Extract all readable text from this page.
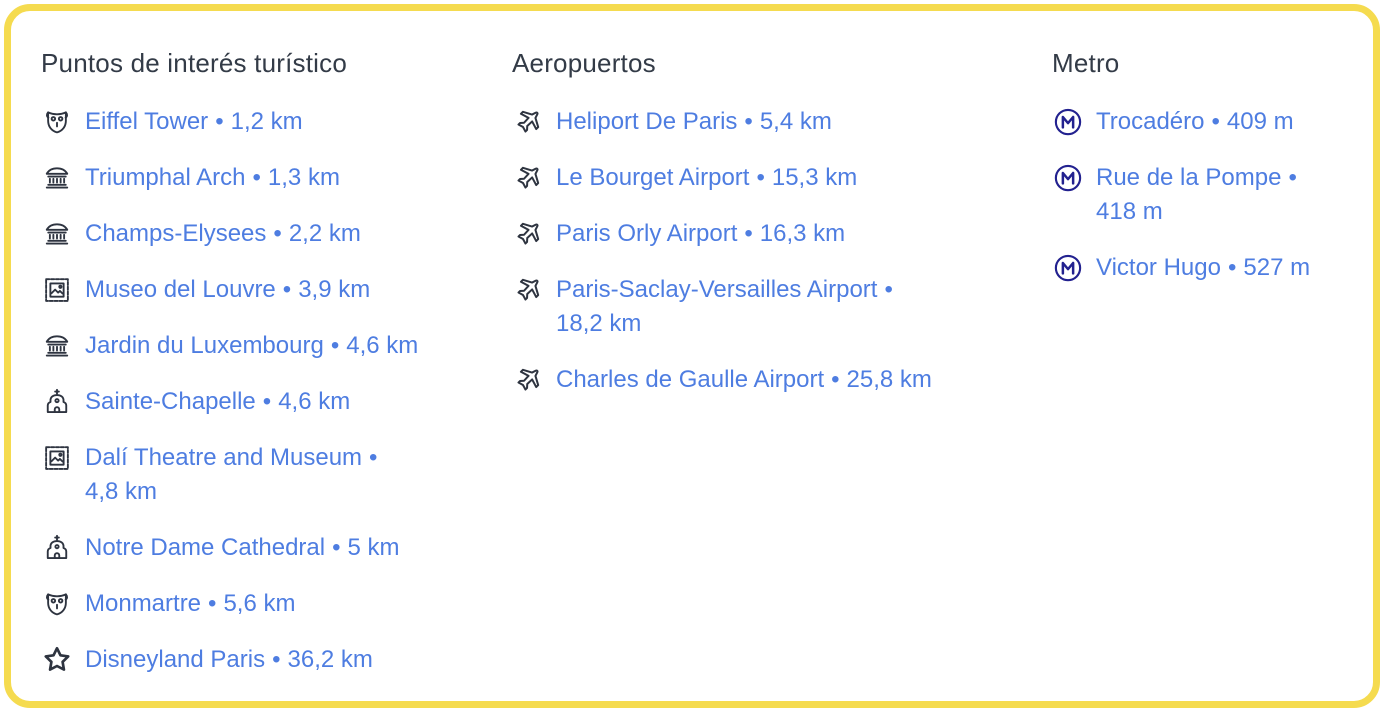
Puntos de interés turístico
Eiffel Tower • 1,2 km
Triumphal Arch • 1,3 km
Champs-Elysees • 2,2 km
Museo del Louvre • 3,9 km
Jardin du Luxembourg • 4,6 km
Sainte-Chapelle • 4,6 km
Dalí Theatre and Museum •
4,8 km
Notre Dame Cathedral • 5 km
Monmartre • 5,6 km
Disneyland Paris • 36,2 km
Aeropuertos
Heliport De Paris • 5,4 km
Le Bourget Airport • 15,3 km
Paris Orly Airport • 16,3 km
Paris-Saclay-Versailles Airport •
18,2 km
Charles de Gaulle Airport • 25,8 km
Metro
Trocadéro • 409 m
Rue de la Pompe •
418 m
Victor Hugo • 527 m
